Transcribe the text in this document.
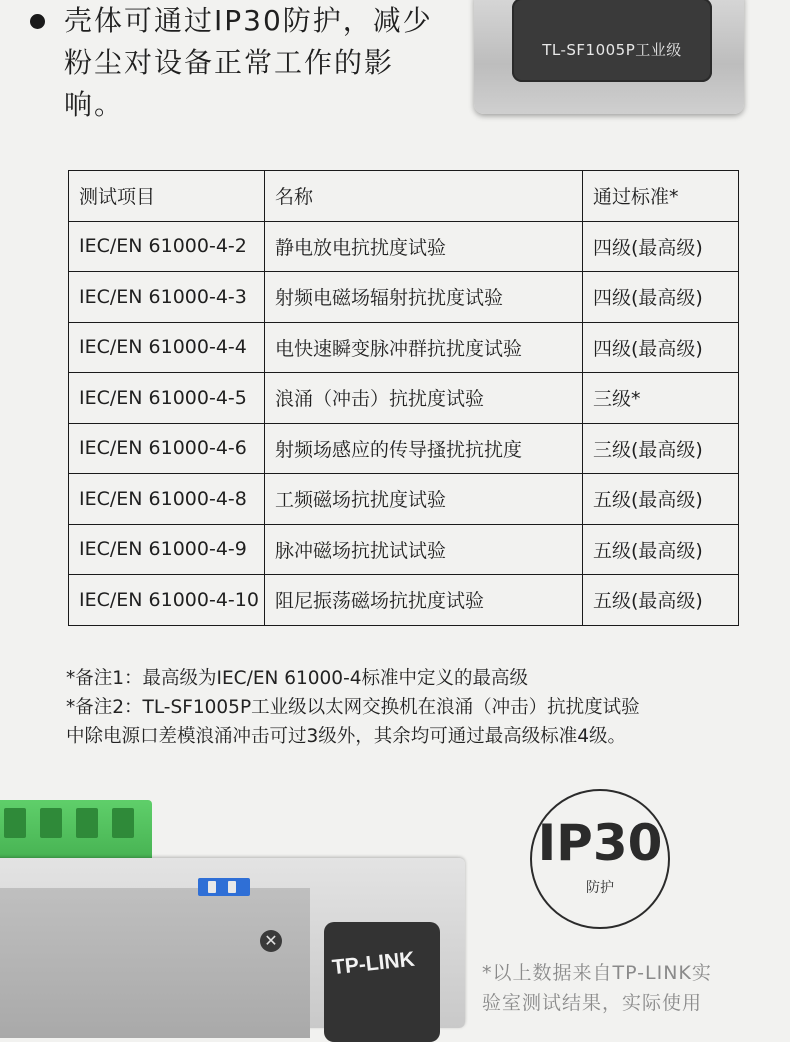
壳体可通过IP30防护，减少粉尘对设备正常工作的影响。
TL-SF1005P工业级
测试项目	名称	通过标准*
IEC/EN 61000-4-2	静电放电抗扰度试验	四级(最高级)
IEC/EN 61000-4-3	射频电磁场辐射抗扰度试验	四级(最高级)
IEC/EN 61000-4-4	电快速瞬变脉冲群抗扰度试验	四级(最高级)
IEC/EN 61000-4-5	浪涌（冲击）抗扰度试验	三级*
IEC/EN 61000-4-6	射频场感应的传导搔扰抗扰度	三级(最高级)
IEC/EN 61000-4-8	工频磁场抗扰度试验	五级(最高级)
IEC/EN 61000-4-9	脉冲磁场抗扰试试验	五级(最高级)
IEC/EN 61000-4-10	阻尼振荡磁场抗扰度试验	五级(最高级)

*备注1：最高级为IEC/EN 61000-4标准中定义的最高级

*备注2：TL-SF1005P工业级以太网交换机在浪涌（冲击）抗扰度试验

中除电源口差模浪涌冲击可过3级外，其余均可通过最高级标准4级。

✕
TP-LINK
IP30
防护
*以上数据来自TP-LINK实
验室测试结果，实际使用
